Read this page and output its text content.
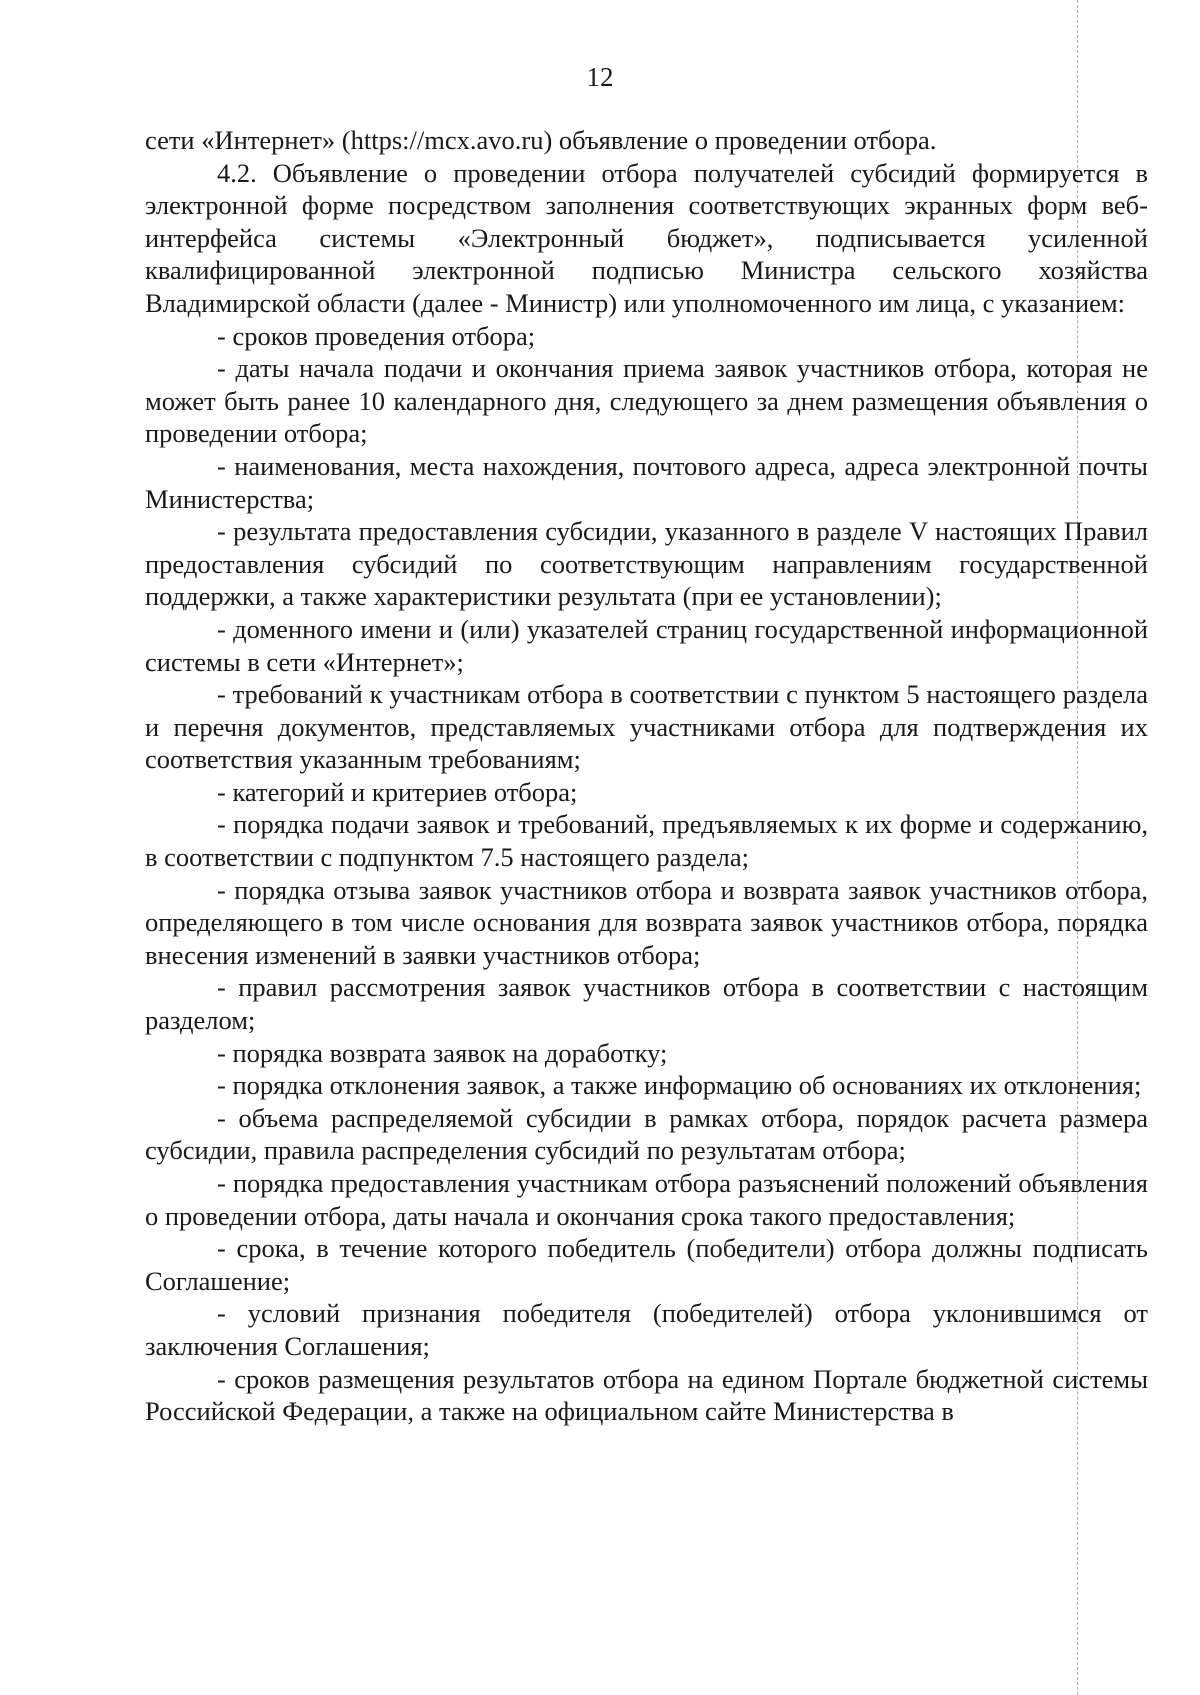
12

сети «Интернет» (https://mcx.avo.ru) объявление о проведении отбора.

4.2. Объявление о проведении отбора получателей субсидий формируется в электронной форме посредством заполнения соответствующих экранных форм веб-интерфейса системы «Электронный бюджет», подписывается усиленной квалифицированной электронной подписью Министра сельского хозяйства Владимирской области (далее - Министр) или уполномоченного им лица, с указанием:

- сроков проведения отбора;

- даты начала подачи и окончания приема заявок участников отбора, которая не может быть ранее 10 календарного дня, следующего за днем размещения объявления о проведении отбора;

- наименования, места нахождения, почтового адреса, адреса электронной почты Министерства;

- результата предоставления субсидии, указанного в разделе V настоящих Правил предоставления субсидий по соответствующим направлениям государственной поддержки, а также характеристики результата (при ее установлении);

- доменного имени и (или) указателей страниц государственной информационной системы в сети «Интернет»;

- требований к участникам отбора в соответствии с пунктом 5 настоящего раздела и перечня документов, представляемых участниками отбора для подтверждения их соответствия указанным требованиям;

- категорий и критериев отбора;

- порядка подачи заявок и требований, предъявляемых к их форме и содержанию, в соответствии с подпунктом 7.5 настоящего раздела;

- порядка отзыва заявок участников отбора и возврата заявок участников отбора, определяющего в том числе основания для возврата заявок участников отбора, порядка внесения изменений в заявки участников отбора;

- правил рассмотрения заявок участников отбора в соответствии с настоящим разделом;

- порядка возврата заявок на доработку;

- порядка отклонения заявок, а также информацию об основаниях их отклонения;

- объема распределяемой субсидии в рамках отбора, порядок расчета размера субсидии, правила распределения субсидий по результатам отбора;

- порядка предоставления участникам отбора разъяснений положений объявления о проведении отбора, даты начала и окончания срока такого предоставления;

- срока, в течение которого победитель (победители) отбора должны подписать Соглашение;

- условий признания победителя (победителей) отбора уклонившимся от заключения Соглашения;

- сроков размещения результатов отбора на едином Портале бюджетной системы Российской Федерации, а также на официальном сайте Министерства в
